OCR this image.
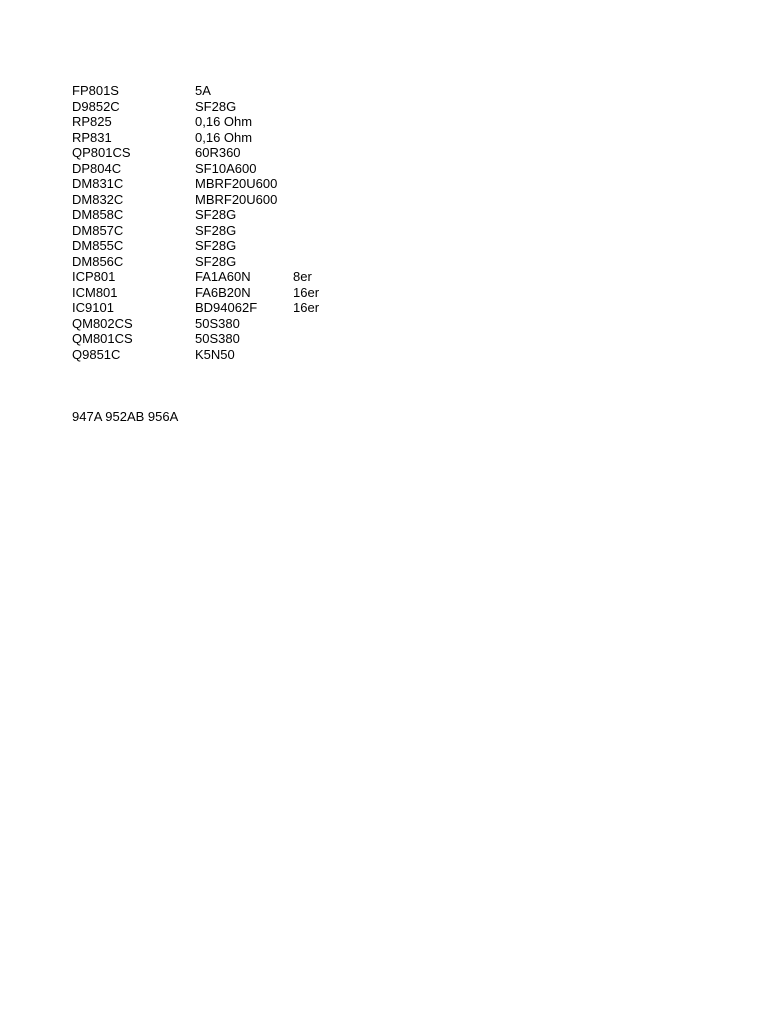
FP801S	5A
D9852C	SF28G
RP825	0,16 Ohm
RP831	0,16 Ohm
QP801CS	60R360
DP804C	SF10A600
DM831C	MBRF20U600
DM832C	MBRF20U600
DM858C	SF28G
DM857C	SF28G
DM855C	SF28G
DM856C	SF28G
ICP801	FA1A60N	8er
ICM801	FA6B20N	16er
IC9101	BD94062F	16er
QM802CS	50S380
QM801CS	50S380
Q9851C	K5N50
947A 952AB 956A
